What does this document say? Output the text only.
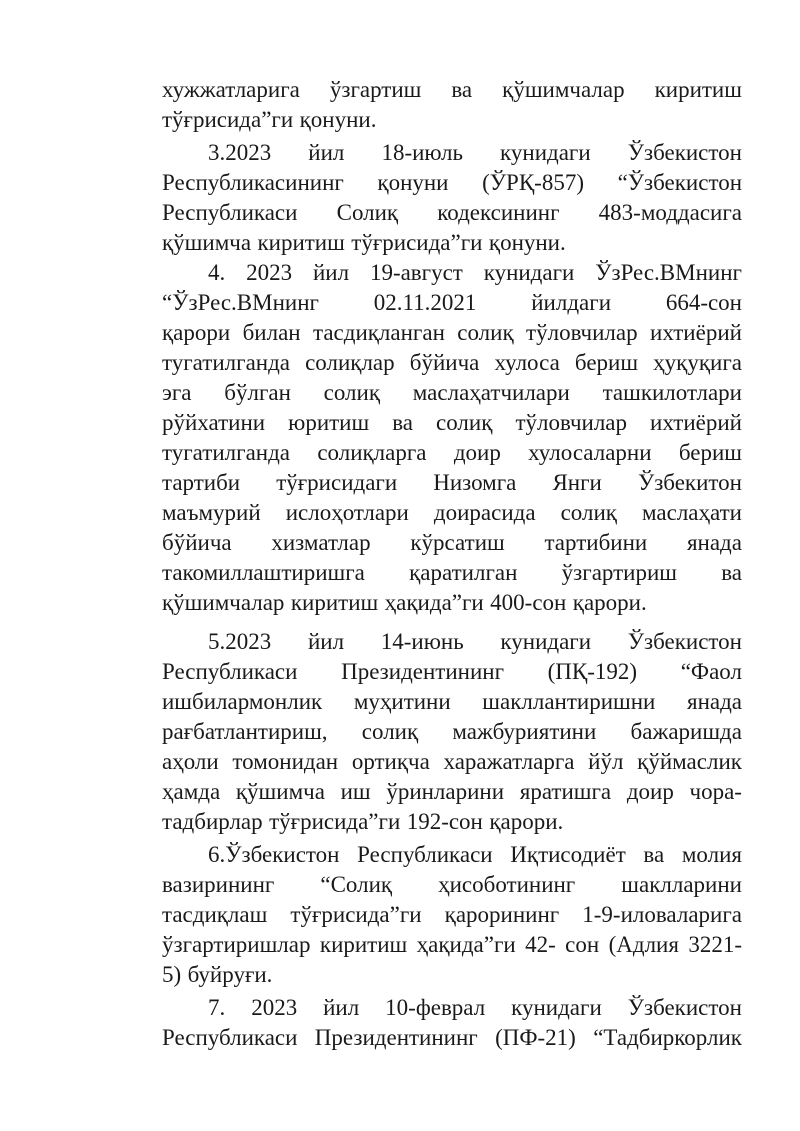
хужжатларига ўзгартиш ва қўшимчалар киритиш
тўғрисида”ги қонуни.
3.2023 йил 18-июль кунидаги Ўзбекистон
Республикасининг қонуни (ЎРҚ-857) “Ўзбекистон
Республикаси Солиқ кодексининг 483-моддасига
қўшимча киритиш тўғрисида”ги қонуни.
4. 2023 йил 19-август кунидаги ЎзРес.ВМнинг
“ЎзРес.ВМнинг 02.11.2021 йилдаги 664-сон
қарори билан тасдиқланган солиқ тўловчилар ихтиёрий
тугатилганда солиқлар бўйича хулоса бериш ҳуқуқига
эга бўлган солиқ маслаҳатчилари ташкилотлари
рўйхатини юритиш ва солиқ тўловчилар ихтиёрий
тугатилганда солиқларга доир хулосаларни бериш
тартиби тўғрисидаги Низомга Янги Ўзбекитон
маъмурий ислоҳотлари доирасида солиқ маслаҳати
бўйича хизматлар кўрсатиш тартибини янада
такомиллаштиришга қаратилган ўзгартириш ва
қўшимчалар киритиш ҳақида”ги 400-сон қарори.
5.2023 йил 14-июнь кунидаги Ўзбекистон
Республикаси Президентининг (ПҚ-192) “Фаол
ишбилармонлик муҳитини шакллантиришни янада
рағбатлантириш, солиқ мажбуриятини бажаришда
аҳоли томонидан ортиқча харажатларга йўл қўймаслик
ҳамда қўшимча иш ўринларини яратишга доир чора-
тадбирлар тўғрисида”ги 192-сон қарори.
6.Ўзбекистон Республикаси Иқтисодиёт ва молия
вазирининг “Солиқ ҳисоботининг шаклларини
тасдиқлаш тўғрисида”ги қарорининг 1-9-иловаларига
ўзгартиришлар киритиш ҳақида”ги 42- сон (Адлия 3221-
5) буйруғи.
7. 2023 йил 10-феврал кунидаги Ўзбекистон
Республикаси Президентининг (ПФ-21) “Тадбиркорлик
